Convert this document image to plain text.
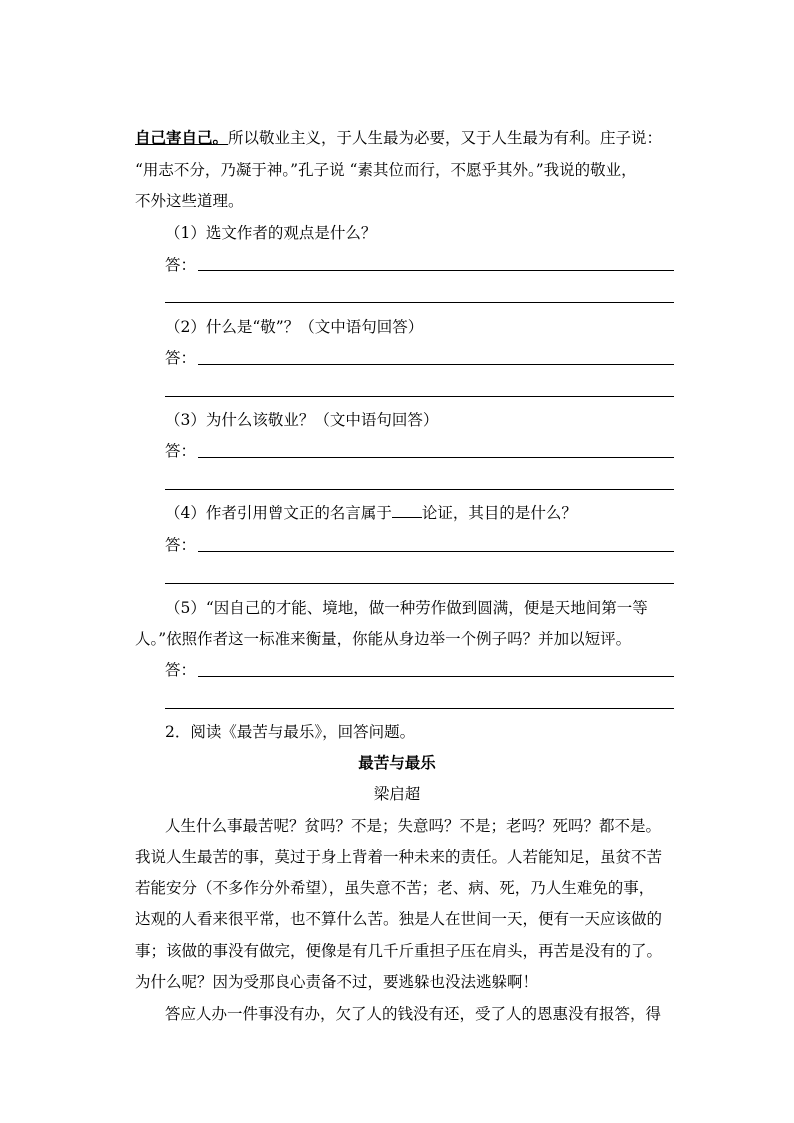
自己害自己。所以敬业主义，于人生最为必要，又于人生最为有利。庄子说：
“用志不分，乃凝于神。”孔子说 “素其位而行，不愿乎其外。”我说的敬业，
不外这些道理。
（1）选文作者的观点是什么？
答：
（2）什么是“敬”？（文中语句回答）
答：
（3）为什么该敬业？（文中语句回答）
答：
（4）作者引用曾文正的名言属于 论证，其目的是什么？
答：
（5）“因自己的才能、境地，做一种劳作做到圆满，便是天地间第一等
人。”依照作者这一标准来衡量，你能从身边举一个例子吗？并加以短评。
答：
2．阅读《最苦与最乐》，回答问题。
最苦与最乐
梁启超
人生什么事最苦呢？贫吗？不是；失意吗？不是；老吗？死吗？都不是。
我说人生最苦的事，莫过于身上背着一种未来的责任。人若能知足，虽贫不苦
若能安分（不多作分外希望），虽失意不苦；老、病、死，乃人生难免的事，
达观的人看来很平常，也不算什么苦。独是人在世间一天，便有一天应该做的
事；该做的事没有做完，便像是有几千斤重担子压在肩头，再苦是没有的了。
为什么呢？因为受那良心责备不过，要逃躲也没法逃躲啊！
答应人办一件事没有办，欠了人的钱没有还，受了人的恩惠没有报答，得
